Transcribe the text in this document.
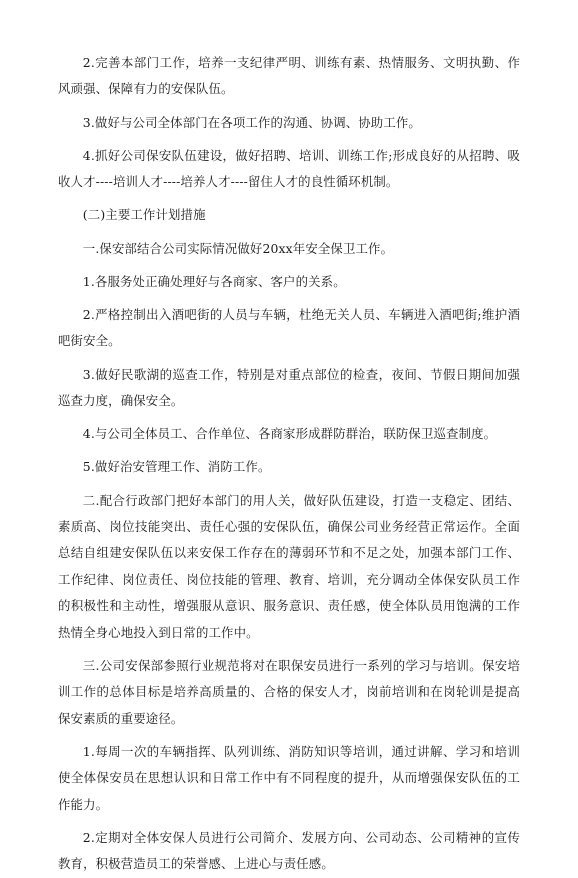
2.完善本部门工作，培养一支纪律严明、训练有素、热情服务、文明执勤、作风顽强、保障有力的安保队伍。

3.做好与公司全体部门在各项工作的沟通、协调、协助工作。

4.抓好公司保安队伍建设，做好招聘、培训、训练工作;形成良好的从招聘、吸收人才----培训人才----培养人才----留住人才的良性循环机制。

(二)主要工作计划措施

一.保安部结合公司实际情况做好20xx年安全保卫工作。

1.各服务处正确处理好与各商家、客户的关系。

2.严格控制出入酒吧街的人员与车辆，杜绝无关人员、车辆进入酒吧街;维护酒吧街安全。

3.做好民歌湖的巡查工作，特别是对重点部位的检查，夜间、节假日期间加强巡查力度，确保安全。

4.与公司全体员工、合作单位、各商家形成群防群治，联防保卫巡查制度。

5.做好治安管理工作、消防工作。

二.配合行政部门把好本部门的用人关，做好队伍建设，打造一支稳定、团结、素质高、岗位技能突出、责任心强的安保队伍，确保公司业务经营正常运作。全面总结自组建安保队伍以来安保工作存在的薄弱环节和不足之处，加强本部门工作、工作纪律、岗位责任、岗位技能的管理、教育、培训，充分调动全体保安队员工作的积极性和主动性，增强服从意识、服务意识、责任感，使全体队员用饱满的工作热情全身心地投入到日常的工作中。

三.公司安保部参照行业规范将对在职保安员进行一系列的学习与培训。保安培训工作的总体目标是培养高质量的、合格的保安人才，岗前培训和在岗轮训是提高保安素质的重要途径。

1.每周一次的车辆指挥、队列训练、消防知识等培训，通过讲解、学习和培训使全体保安员在思想认识和日常工作中有不同程度的提升，从而增强保安队伍的工作能力。

2.定期对全体安保人员进行公司简介、发展方向、公司动态、公司精神的宣传教育，积极营造员工的荣誉感、上进心与责任感。
